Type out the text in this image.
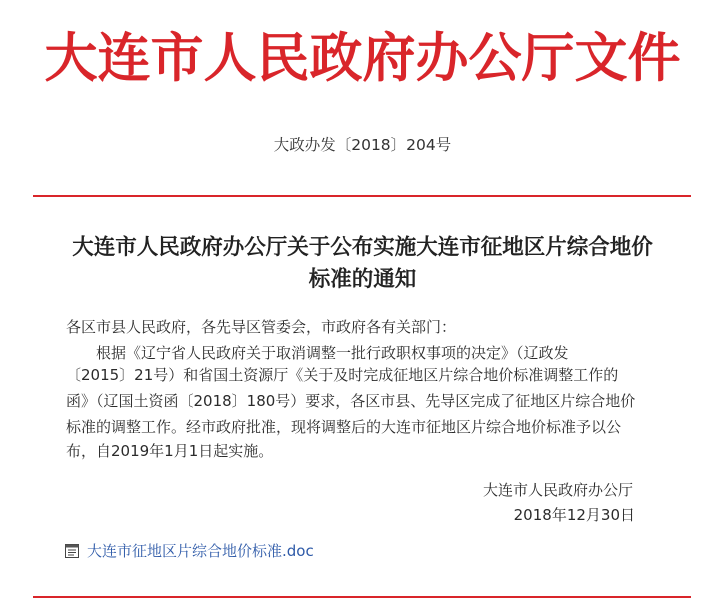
大连市人民政府办公厅文件
大政办发〔2018〕204号
大连市人民政府办公厅关于公布实施大连市征地区片综合地价
标准的通知
各区市县人民政府，各先导区管委会，市政府各有关部门：
根据《辽宁省人民政府关于取消调整一批行政职权事项的决定》（辽政发
〔2015〕21号）和省国土资源厅《关于及时完成征地区片综合地价标准调整工作的
函》（辽国土资函〔2018〕180号）要求，各区市县、先导区完成了征地区片综合地价
标准的调整工作。经市政府批准，现将调整后的大连市征地区片综合地价标准予以公
布，自2019年1月1日起实施。
大连市人民政府办公厅
2018年12月30日
大连市征地区片综合地价标准.doc
